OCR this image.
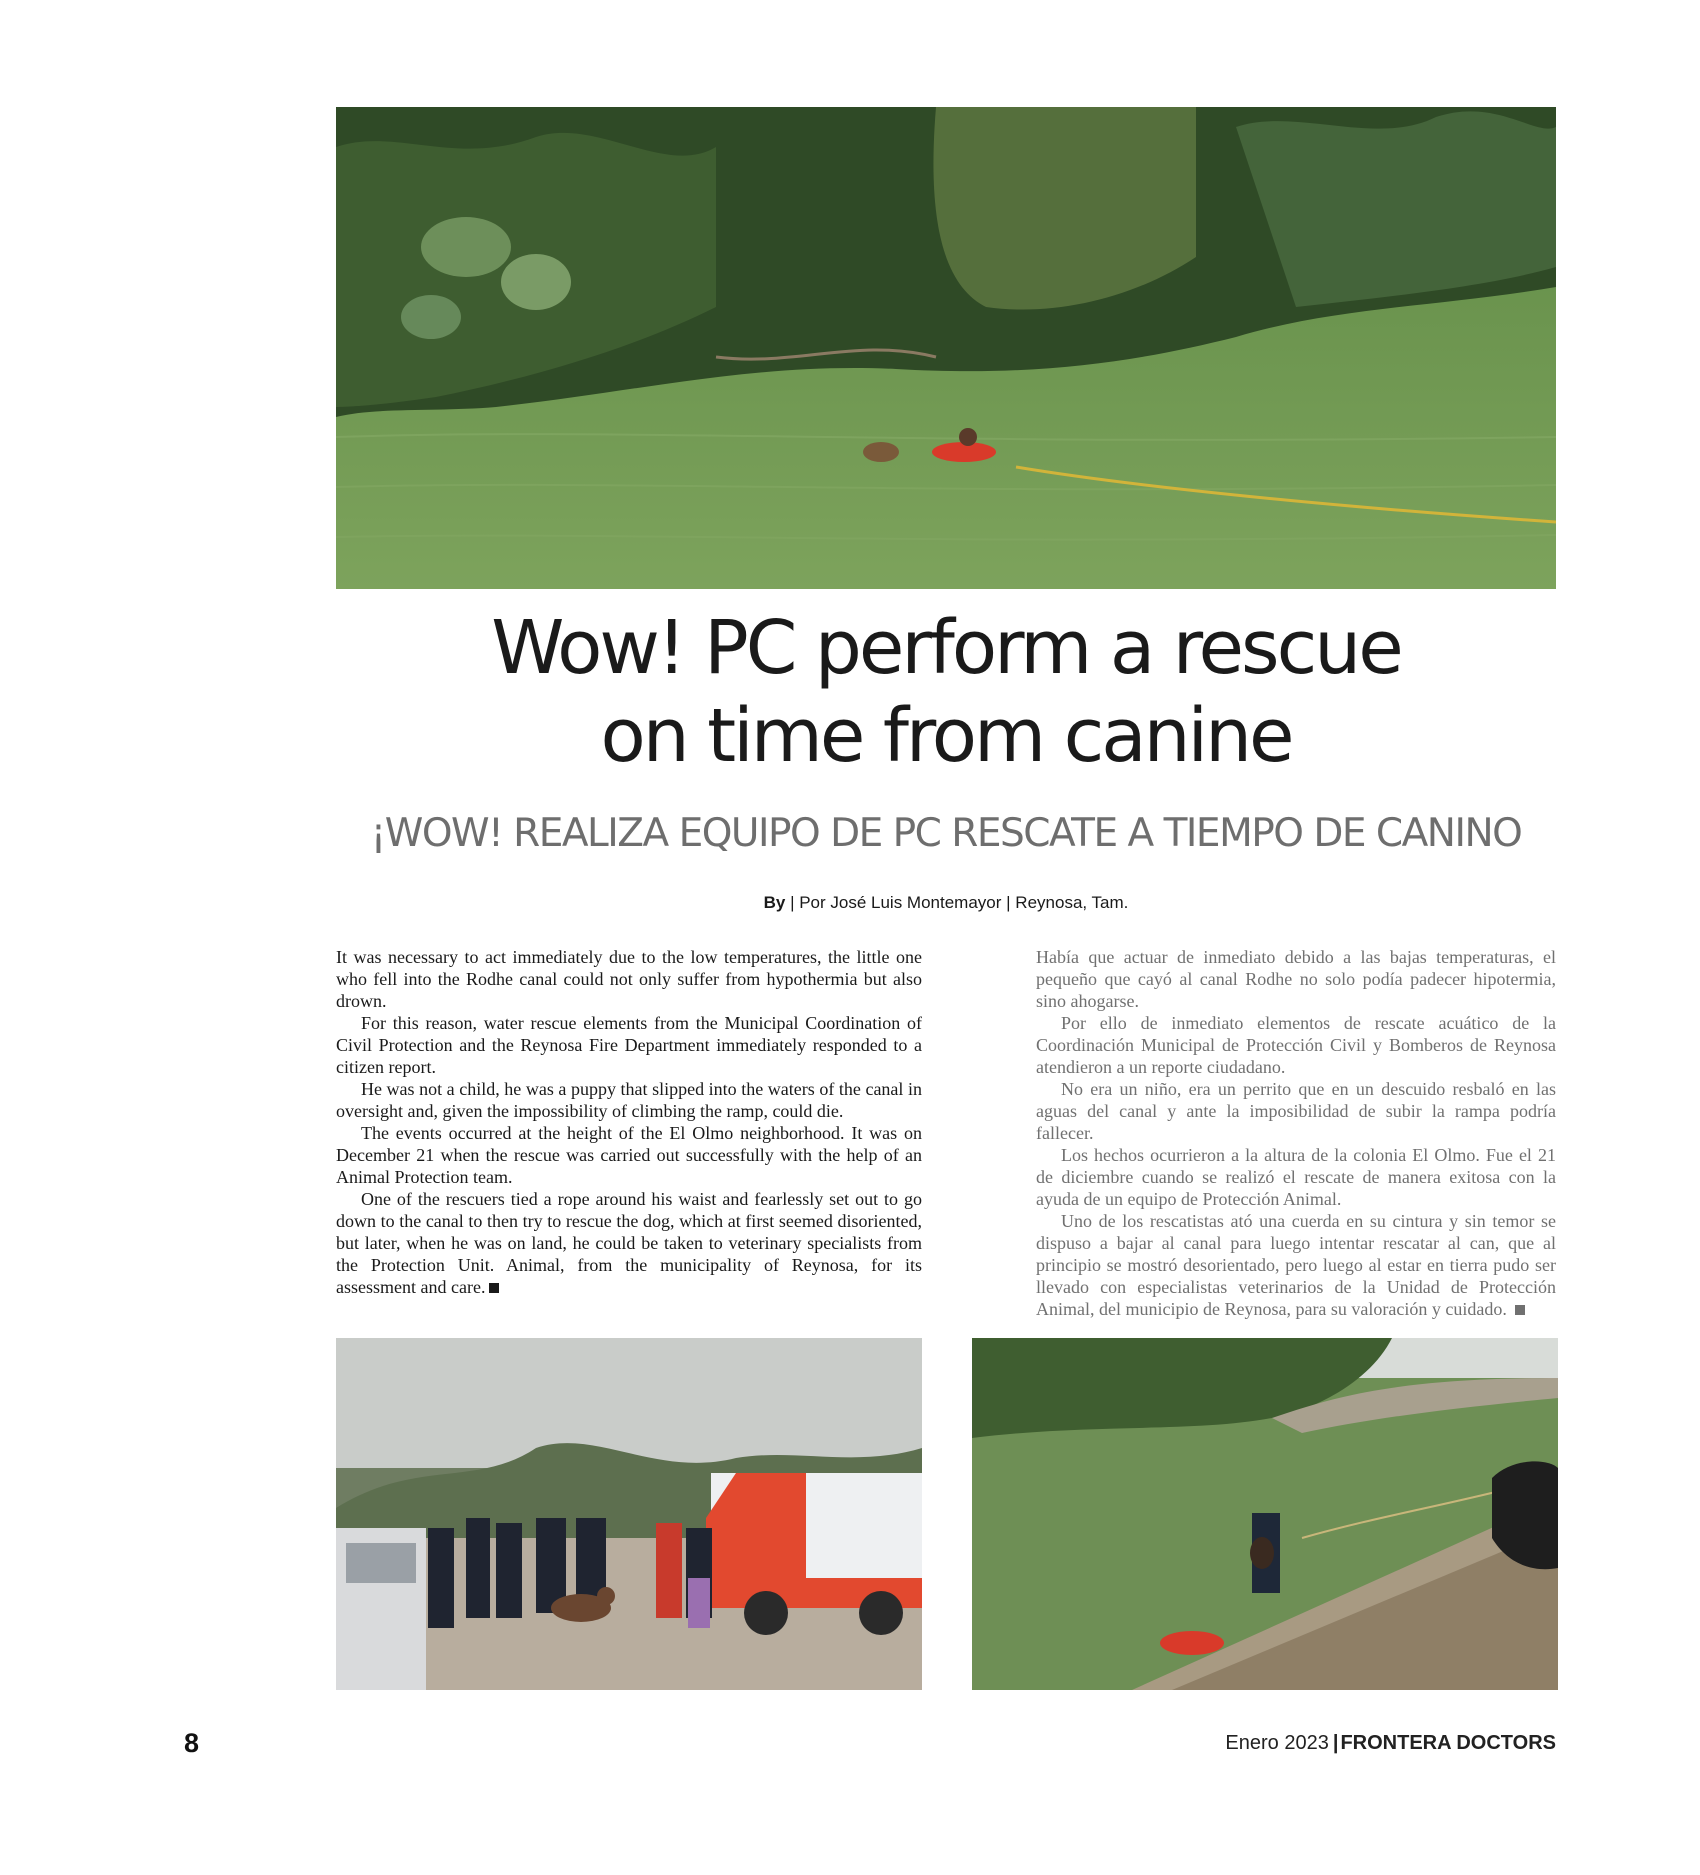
Wow! PC perform a rescue
on time from canine
¡WOW! REALIZA EQUIPO DE PC RESCATE A TIEMPO DE CANINO
By | Por José Luis Montemayor | Reynosa, Tam.

It was necessary to act immediately due to the low temperatures, the little one who fell into the Rodhe canal could not only suffer from hypothermia but also drown.

For this reason, water rescue elements from the Municipal Coordination of Civil Protection and the Reynosa Fire Department immediately responded to a citizen report.

He was not a child, he was a puppy that slipped into the waters of the canal in oversight and, given the impossibility of climbing the ramp, could die.

The events occurred at the height of the El Olmo neighborhood. It was on December 21 when the rescue was carried out successfully with the help of an Animal Protection team.

One of the rescuers tied a rope around his waist and fearlessly set out to go down to the canal to then try to rescue the dog, which at first seemed disoriented, but later, when he was on land, he could be taken to veterinary specialists from the Protection Unit. Animal, from the municipality of Reynosa, for its assessment and care.

Había que actuar de inmediato debido a las bajas temperaturas, el pequeño que cayó al canal Rodhe no solo podía padecer hipotermia, sino ahogarse.

Por ello de inmediato elementos de rescate acuático de la Coordinación Municipal de Protección Civil y Bomberos de Reynosa atendieron a un reporte ciudadano.

No era un niño, era un perrito que en un descuido resbaló en las aguas del canal y ante la imposibilidad de subir la rampa podría fallecer.

Los hechos ocurrieron a la altura de la colonia El Olmo. Fue el 21 de diciembre cuando se realizó el rescate de manera exitosa con la ayuda de un equipo de Protección Animal.

Uno de los rescatistas ató una cuerda en su cintura y sin temor se dispuso a bajar al canal para luego intentar rescatar al can, que al principio se mostró desorientado, pero luego al estar en tierra pudo ser llevado con especialistas veterinarios de la Unidad de Protección Animal, del municipio de Reynosa, para su valoración y cuidado.

8	Enero 2023 | FRONTERA DOCTORS
